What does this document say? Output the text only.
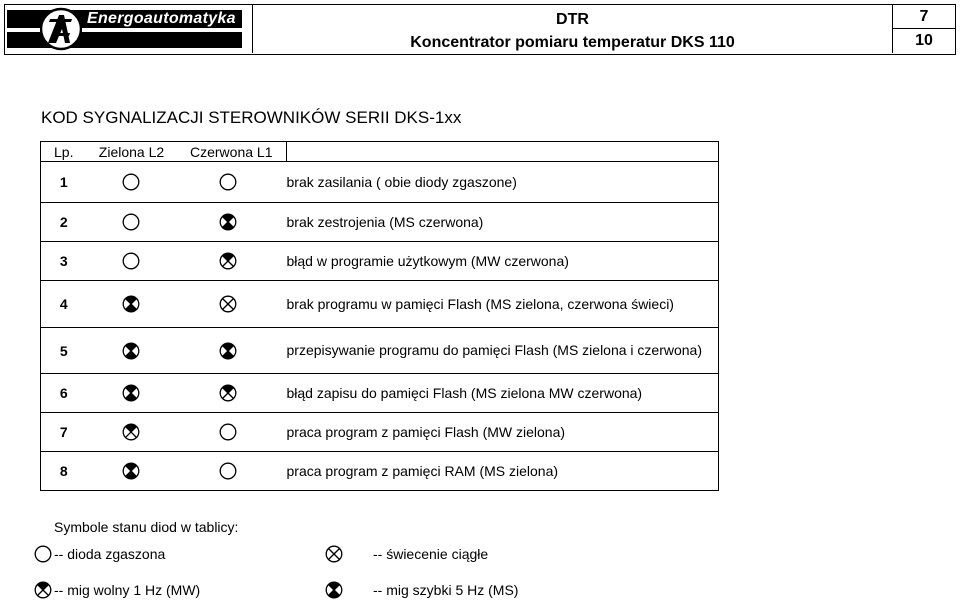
Energoautomatyka	DTR
Koncentrator pomiaru temperatur DKS 110
7
10
KOD SYGNALIZACJI STEROWNIKÓW SERII DKS-1xx
Lp.	Zielona L2	Czerwona L1	
1			brak zasilania ( obie diody zgaszone)
2			brak zestrojenia (MS czerwona)
3			błąd w programie użytkowym (MW czerwona)
4			brak programu w pamięci Flash (MS zielona, czerwona świeci)
5			przepisywanie programu do pamięci Flash (MS zielona i czerwona)
6			błąd zapisu do pamięci Flash (MS zielona MW czerwona)
7			praca program z pamięci Flash (MW zielona)
8			praca program z pamięci RAM (MS zielona)
Symbole stanu diod w tablicy:
-- dioda zgaszona	-- świecenie ciągłe
-- mig wolny 1 Hz (MW)	-- mig szybki 5 Hz (MS)
